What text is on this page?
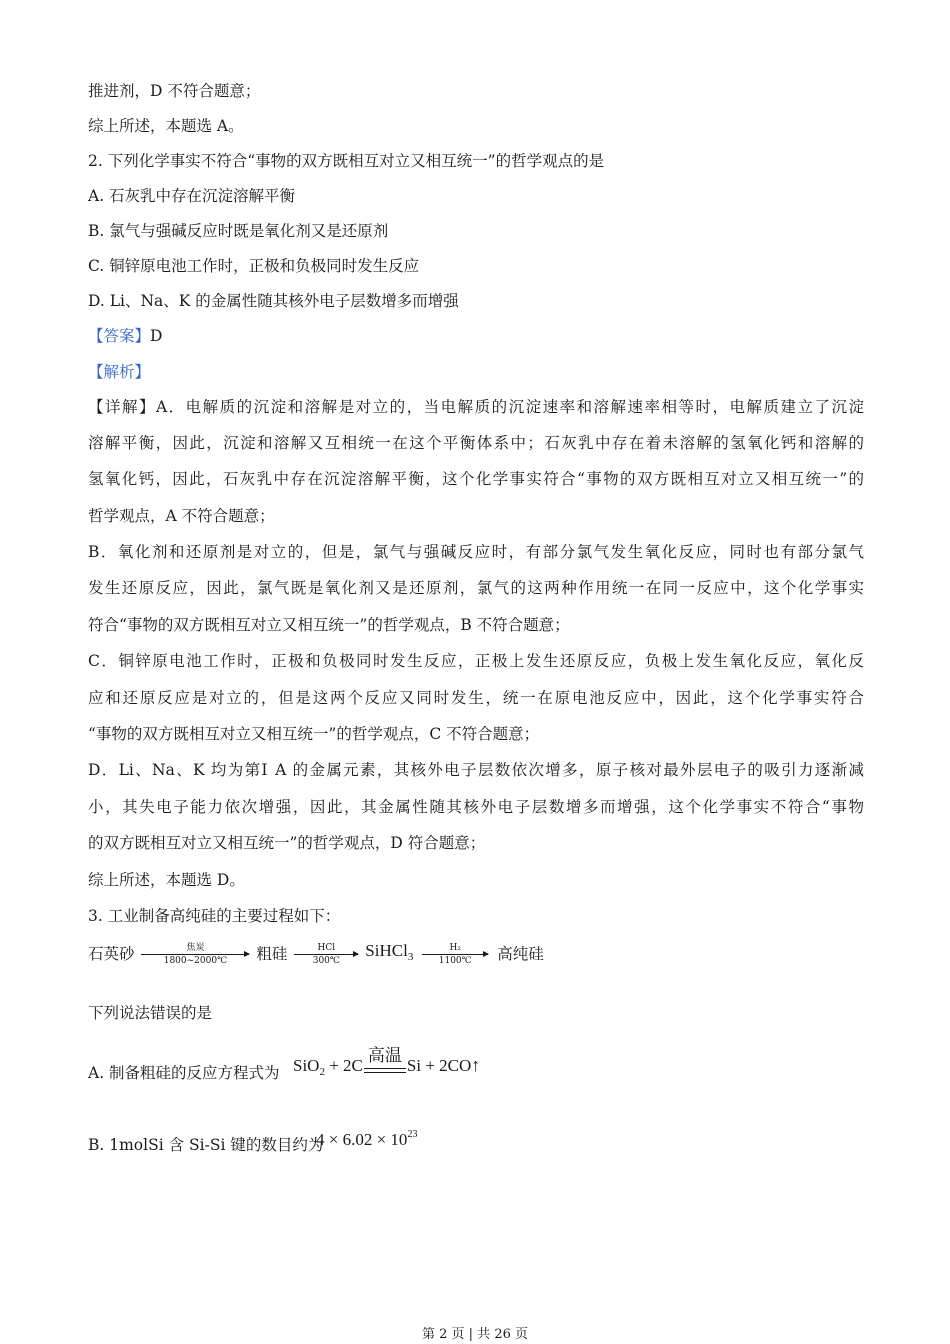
推进剂，D 不符合题意；
综上所述，本题选 A。
2. 下列化学事实不符合“事物的双方既相互对立又相互统一”的哲学观点的是
A. 石灰乳中存在沉淀溶解平衡
B. 氯气与强碱反应时既是氧化剂又是还原剂
C. 铜锌原电池工作时，正极和负极同时发生反应
D. Li、Na、K 的金属性随其核外电子层数增多而增强
【答案】D
【解析】
【详解】A．电解质的沉淀和溶解是对立的，当电解质的沉淀速率和溶解速率相等时，电解质建立了沉淀
溶解平衡，因此，沉淀和溶解又互相统一在这个平衡体系中；石灰乳中存在着未溶解的氢氧化钙和溶解的
氢氧化钙，因此，石灰乳中存在沉淀溶解平衡，这个化学事实符合“事物的双方既相互对立又相互统一”的
哲学观点，A 不符合题意；
B．氧化剂和还原剂是对立的，但是，氯气与强碱反应时，有部分氯气发生氧化反应，同时也有部分氯气
发生还原反应，因此，氯气既是氧化剂又是还原剂，氯气的这两种作用统一在同一反应中，这个化学事实
符合“事物的双方既相互对立又相互统一”的哲学观点，B 不符合题意；
C．铜锌原电池工作时，正极和负极同时发生反应，正极上发生还原反应，负极上发生氧化反应，氧化反
应和还原反应是对立的，但是这两个反应又同时发生，统一在原电池反应中，因此，这个化学事实符合
“事物的双方既相互对立又相互统一”的哲学观点，C 不符合题意；
D．Li、Na、K 均为第Ⅰ A 的金属元素，其核外电子层数依次增多，原子核对最外层电子的吸引力逐渐减
小，其失电子能力依次增强，因此，其金属性随其核外电子层数增多而增强，这个化学事实不符合“事物
的双方既相互对立又相互统一”的哲学观点，D 符合题意；
综上所述，本题选 D。
3. 工业制备高纯硅的主要过程如下：
石英砂	焦炭
1800~2000℃	粗硅	HCl
300℃
SiHCl$_3$ $\frac{\text{H₂}}{1100℃}$ 高纯硅
下列说法错误的是
A. 制备粗硅的反应方程式为 SiO$_2$ + 2C
高温
Si + 2CO↑
B. 1molSi 含 Si-Si 键的数目约为
$4 \times 6.02 \times 10^{23}$
第 2 页 | 共 26 页
